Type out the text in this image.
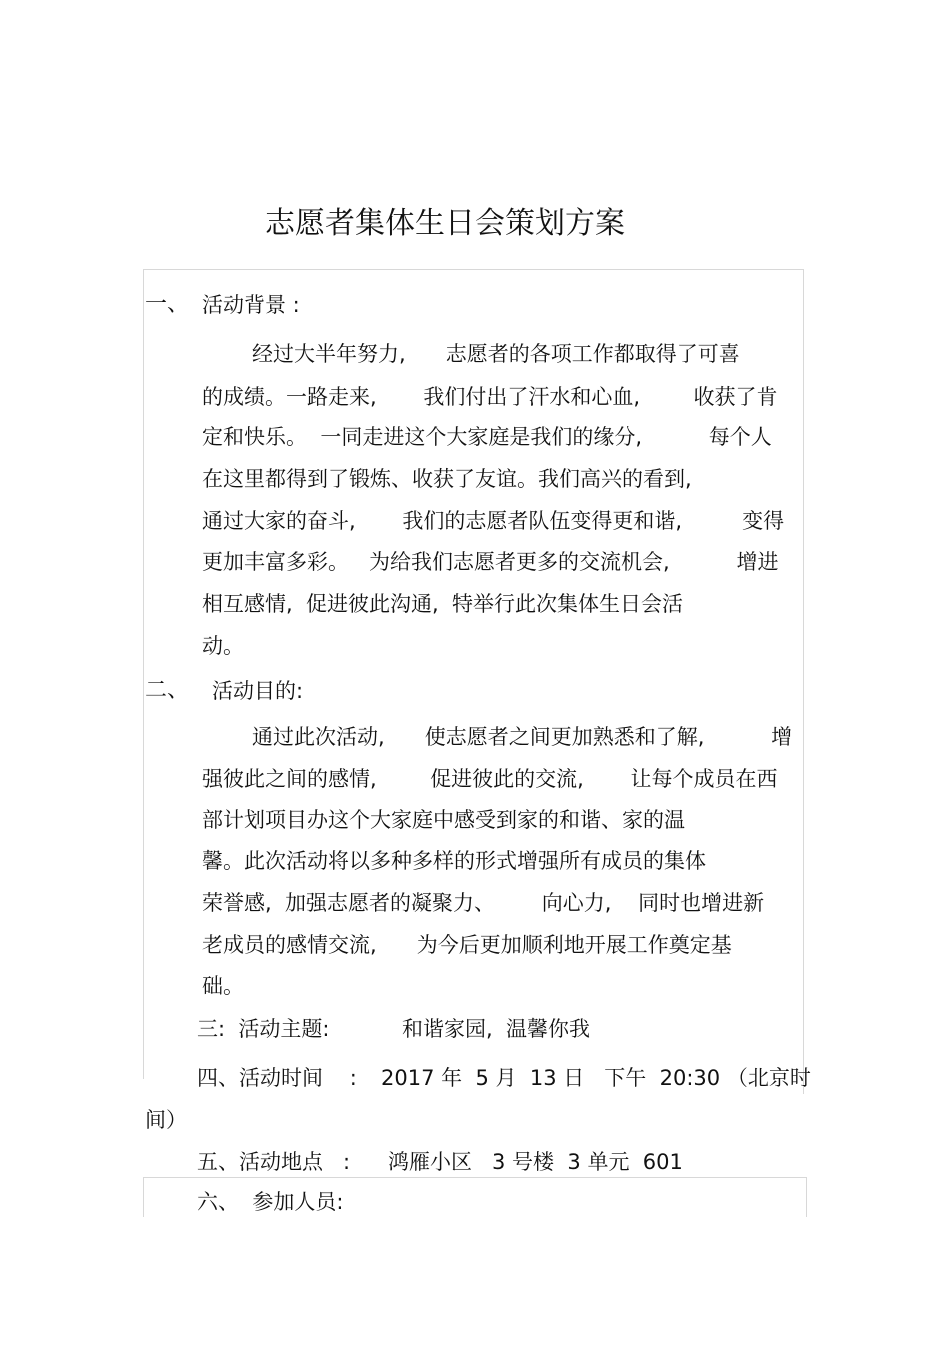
志愿者集体生日会策划方案
一、 活动背景 :
经过大半年努力,      志愿者的各项工作都取得了可喜
的成绩。一路走来,       我们付出了汗水和心血,        收获了肯
定和快乐。  一同走进这个大家庭是我们的缘分,          每个人
在这里都得到了锻炼、收获了友谊。我们高兴的看到,
通过大家的奋斗,       我们的志愿者队伍变得更和谐,         变得
更加丰富多彩。   为给我们志愿者更多的交流机会,          增进
相互感情,  促进彼此沟通,  特举行此次集体生日会活
动。
二、 活动目的:
通过此次活动,      使志愿者之间更加熟悉和了解,          增
强彼此之间的感情,        促进彼此的交流,       让每个成员在西
部计划项目办这个大家庭中感受到家的和谐、家的温
馨。此次活动将以多种多样的形式增强所有成员的集体
荣誉感,  加强志愿者的凝聚力、       向心力,    同时也增进新
老成员的感情交流,      为今后更加顺利地开展工作奠定基
础。
三:  活动主题:	和谐家园,  温馨你我
四、活动时间    : 2017 年  5 月  13 日   下午  20:30 （北京时
间）
五、活动地点   : 鸿雁小区   3 号楼  3 单元  601
六、  参加人员:
